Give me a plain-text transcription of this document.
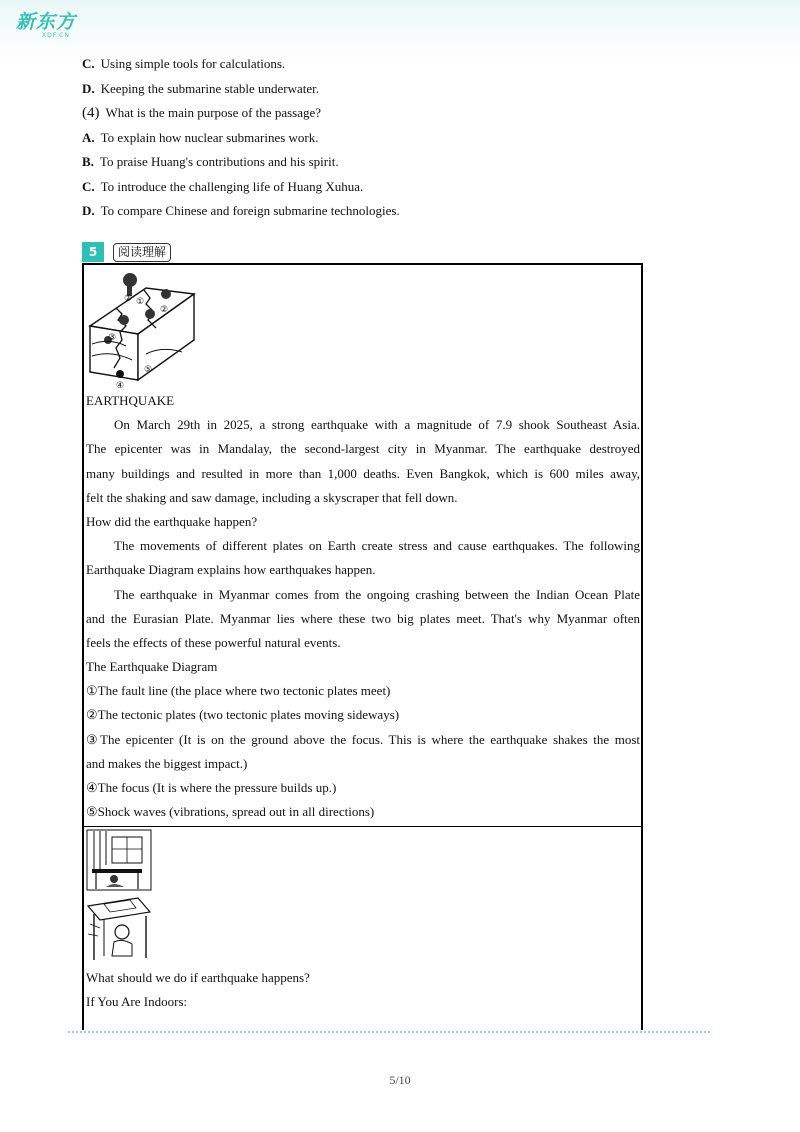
新东方
XDF.CN
C. Using simple tools for calculations.
D. Keeping the submarine stable underwater.
(4) What is the main purpose of the passage?
A. To explain how nuclear submarines work.
B. To praise Huang's contributions and his spirit.
C. To introduce the challenging life of Huang Xuhua.
D. To compare Chinese and foreign submarine technologies.
5	阅读理解
② ①
②
③
④
⑤
EARTHQUAKE
On March 29th in 2025, a strong earthquake with a magnitude of 7.9 shook Southeast Asia.
The epicenter was in Mandalay, the second-largest city in Myanmar. The earthquake destroyed
many buildings and resulted in more than 1,000 deaths. Even Bangkok, which is 600 miles away,
felt the shaking and saw damage, including a skyscraper that fell down.
How did the earthquake happen?
The movements of different plates on Earth create stress and cause earthquakes. The following
Earthquake Diagram explains how earthquakes happen.
The earthquake in Myanmar comes from the ongoing crashing between the Indian Ocean Plate
and the Eurasian Plate. Myanmar lies where these two big plates meet. That's why Myanmar often
feels the effects of these powerful natural events.
The Earthquake Diagram
①The fault line (the place where two tectonic plates meet)
②The tectonic plates (two tectonic plates moving sideways)
③The epicenter (It is on the ground above the focus. This is where the earthquake shakes the most
and makes the biggest impact.)
④The focus (It is where the pressure builds up.)
⑤Shock waves (vibrations, spread out in all directions)
What should we do if earthquake happens?
If You Are Indoors:
5/10
